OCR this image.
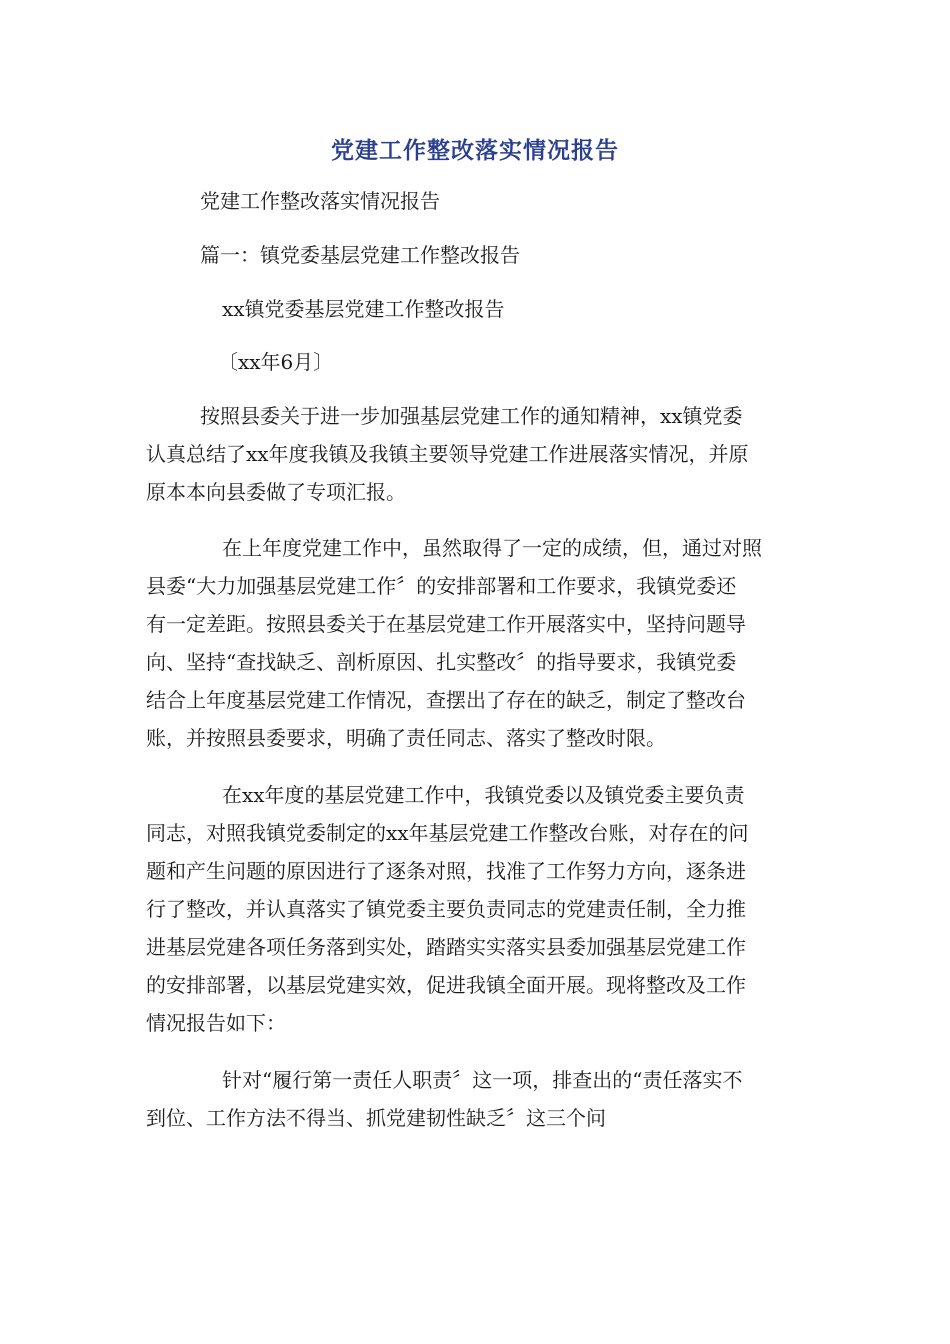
党建工作整改落实情况报告
党建工作整改落实情况报告
篇一：镇党委基层党建工作整改报告
xx镇党委基层党建工作整改报告
〔xx年6月〕
按照县委关于进一步加强基层党建工作的通知精神，xx镇党委
认真总结了xx年度我镇及我镇主要领导党建工作进展落实情况，并原
原本本向县委做了专项汇报。
在上年度党建工作中，虽然取得了一定的成绩，但，通过对照
县委“大力加强基层党建工作〞的安排部署和工作要求，我镇党委还
有一定差距。按照县委关于在基层党建工作开展落实中，坚持问题导
向、坚持“查找缺乏、剖析原因、扎实整改〞的指导要求，我镇党委
结合上年度基层党建工作情况，查摆出了存在的缺乏，制定了整改台
账，并按照县委要求，明确了责任同志、落实了整改时限。
在xx年度的基层党建工作中，我镇党委以及镇党委主要负责
同志，对照我镇党委制定的xx年基层党建工作整改台账，对存在的问
题和产生问题的原因进行了逐条对照，找准了工作努力方向，逐条进
行了整改，并认真落实了镇党委主要负责同志的党建责任制，全力推
进基层党建各项任务落到实处，踏踏实实落实县委加强基层党建工作
的安排部署，以基层党建实效，促进我镇全面开展。现将整改及工作
情况报告如下：
针对“履行第一责任人职责〞这一项，排查出的“责任落实不
到位、工作方法不得当、抓党建韧性缺乏〞这三个问
